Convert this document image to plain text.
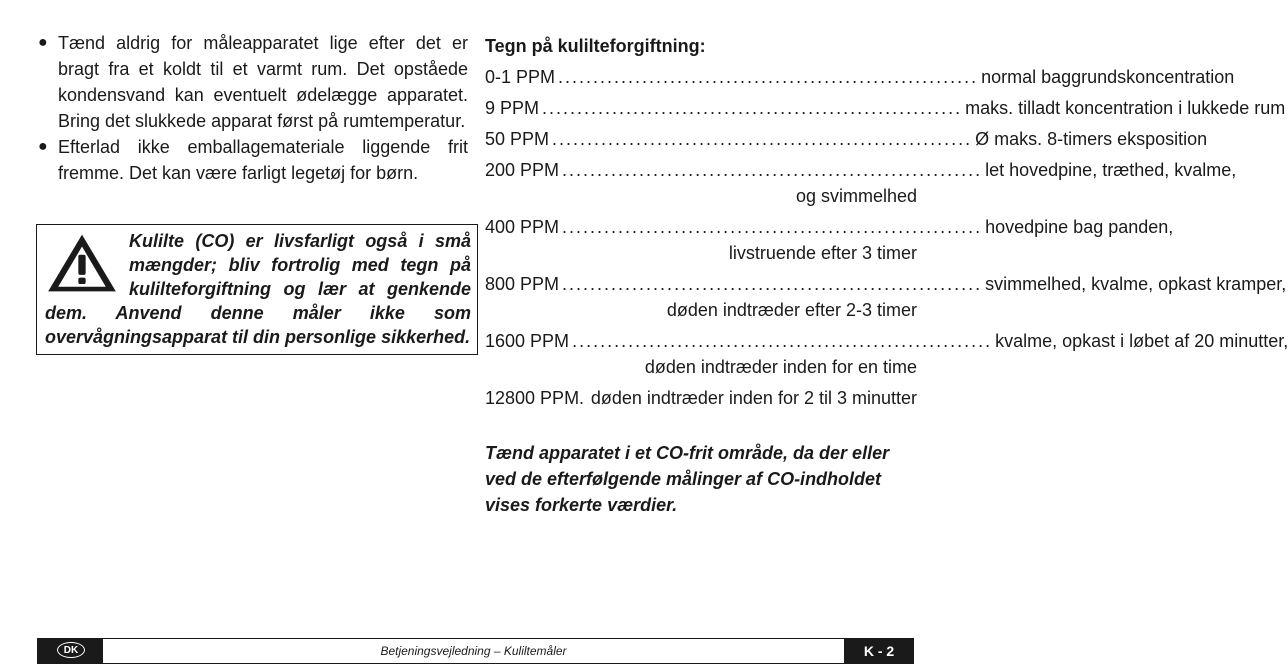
● Tænd aldrig for måleapparatet lige efter det er bragt fra et koldt til et varmt rum. Det opståede kondensvand kan eventuelt ødelægge apparatet. Bring det slukkede apparat først på rumtemperatur.
● Efterlad ikke emballagemateriale liggende frit fremme. Det kan være farligt legetøj for børn.

Kulilte (CO) er livsfarligt også i små mængder; bliv fortrolig med tegn på kulilteforgiftning og lær at genkende dem. Anvend denne måler ikke som overvågningsapparat til din personlige sikkerhed.

Tegn på kulilteforgiftning:
0-1 PPM ............................................................ normal baggrundskoncentration
9 PPM ............................................................ maks. tilladt koncentration i lukkede rum
50 PPM ............................................................ Ø maks. 8-timers eksposition
200 PPM ............................................................ let hovedpine, træthed, kvalme,
og svimmelhed
400 PPM ............................................................ hovedpine bag panden,
livstruende efter 3 timer
800 PPM ............................................................ svimmelhed, kvalme, opkast kramper,
døden indtræder efter 2-3 timer
1600 PPM ............................................................ kvalme, opkast i løbet af 20 minutter,
døden indtræder inden for en time
12800 PPM. døden indtræder inden for 2 til 3 minutter

Tænd apparatet i et CO-frit område, da der eller ved de efterfølgende målinger af CO-indholdet vises forkerte værdier.

DK	Betjeningsvejledning – Kuliltemåler	K - 2
